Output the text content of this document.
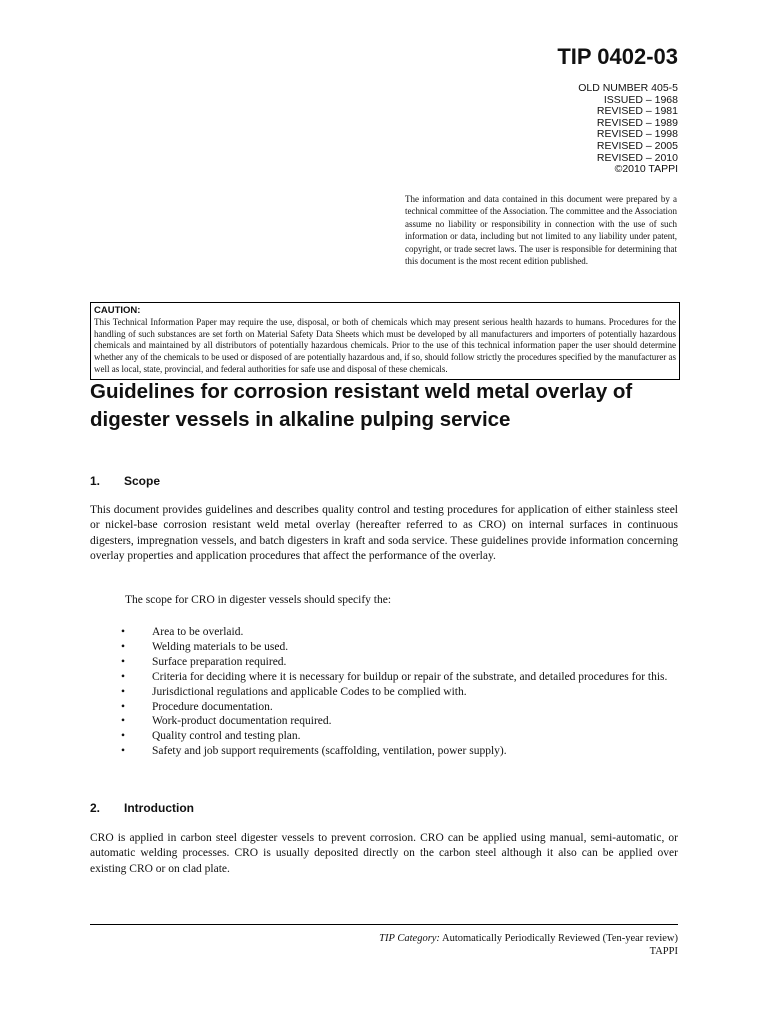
TIP 0402-03
OLD NUMBER 405-5
ISSUED – 1968
REVISED – 1981
REVISED – 1989
REVISED – 1998
REVISED – 2005
REVISED – 2010
©2010 TAPPI
The information and data contained in this document were prepared by a technical committee of the Association. The committee and the Association assume no liability or responsibility in connection with the use of such information or data, including but not limited to any liability under patent, copyright, or trade secret laws. The user is responsible for determining that this document is the most recent edition published.
CAUTION:
This Technical Information Paper may require the use, disposal, or both of chemicals which may present serious health hazards to humans. Procedures for the handling of such substances are set forth on Material Safety Data Sheets which must be developed by all manufacturers and importers of potentially hazardous chemicals and maintained by all distributors of potentially hazardous chemicals. Prior to the use of this technical information paper the user should determine whether any of the chemicals to be used or disposed of are potentially hazardous and, if so, should follow strictly the procedures specified by the manufacturer as well as local, state, provincial, and federal authorities for safe use and disposal of these chemicals.
Guidelines for corrosion resistant weld metal overlay of digester vessels in alkaline pulping service
1. Scope
This document provides guidelines and describes quality control and testing procedures for application of either stainless steel or nickel-base corrosion resistant weld metal overlay (hereafter referred to as CRO) on internal surfaces in continuous digesters, impregnation vessels, and batch digesters in kraft and soda service. These guidelines provide information concerning overlay properties and application procedures that affect the performance of the overlay.
The scope for CRO in digester vessels should specify the:
• Area to be overlaid.
• Welding materials to be used.
• Surface preparation required.
• Criteria for deciding where it is necessary for buildup or repair of the substrate, and detailed procedures for this.
• Jurisdictional regulations and applicable Codes to be complied with.
• Procedure documentation.
• Work-product documentation required.
• Quality control and testing plan.
• Safety and job support requirements (scaffolding, ventilation, power supply).
2. Introduction
CRO is applied in carbon steel digester vessels to prevent corrosion. CRO can be applied using manual, semi-automatic, or automatic welding processes. CRO is usually deposited directly on the carbon steel although it also can be applied over existing CRO or on clad plate.
TIP Category: Automatically Periodically Reviewed (Ten-year review)
TAPPI
